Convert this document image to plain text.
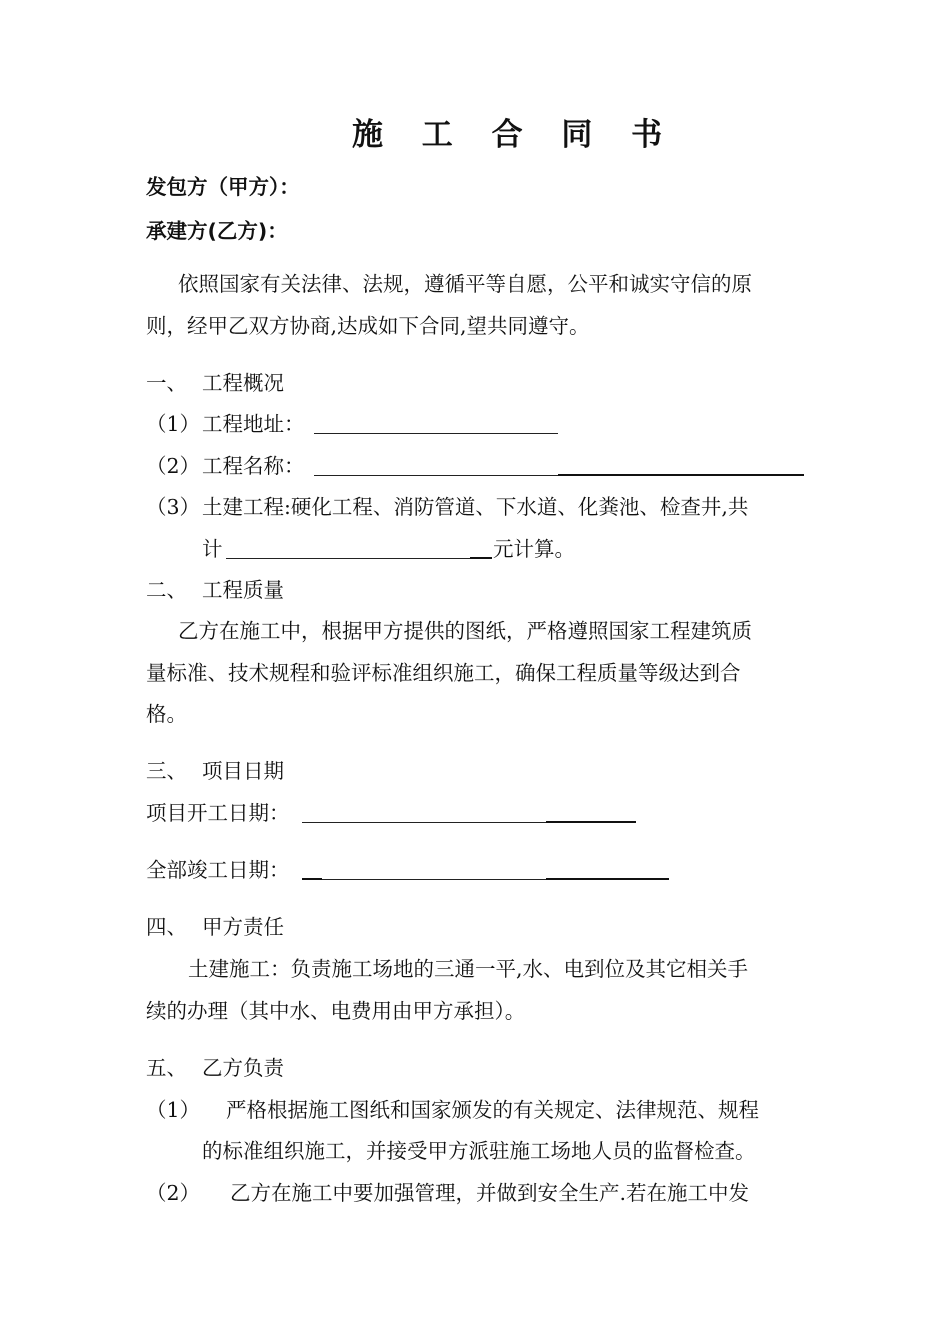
施 工 合 同 书
发包方（甲方）：
承建方(乙方)：
依照国家有关法律、法规，遵循平等自愿，公平和诚实守信的原
则，经甲乙双方协商,达成如下合同,望共同遵守。
一、 工程概况
（1） 工程地址：
（2） 工程名称：
（3） 土建工程:硬化工程、消防管道、下水道、化粪池、检查井,共
计	元计算。
二、 工程质量
乙方在施工中，根据甲方提供的图纸，严格遵照国家工程建筑质
量标准、技术规程和验评标准组织施工，确保工程质量等级达到合
格。
三、 项目日期
项目开工日期：
全部竣工日期：
四、 甲方责任
土建施工：负责施工场地的三通一平,水、电到位及其它相关手
续的办理（其中水、电费用由甲方承担）。
五、 乙方负责
（1） 严格根据施工图纸和国家颁发的有关规定、法律规范、规程
的标准组织施工，并接受甲方派驻施工场地人员的监督检查。
（2） 乙方在施工中要加强管理，并做到安全生产.若在施工中发
